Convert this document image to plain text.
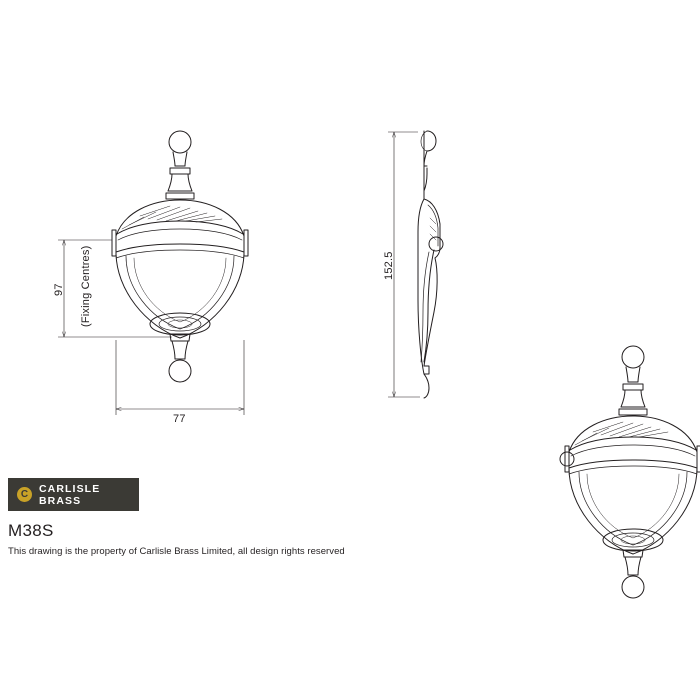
97 (Fixing Centres)
77
152.5
C	CARLISLE BRASS
M38S
This drawing is the property of Carlisle Brass Limited, all design rights reserved
